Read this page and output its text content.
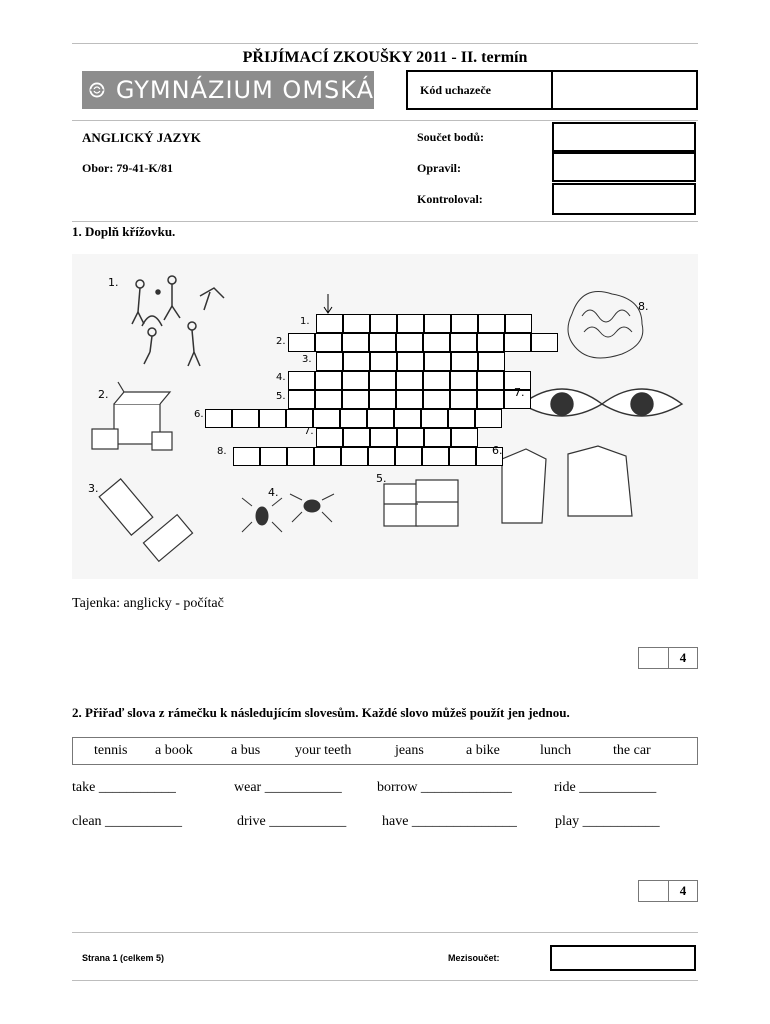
PŘIJÍMACÍ ZKOUŠKY 2011 - II. termín
GYMNÁZIUM OMSKÁ	Kód uchazeče
ANGLICKÝ JAZYK
Obor: 79-41-K/81
Součet bodů:
Opravil:
Kontroloval:
1. Doplň křížovku.
1.
2.
3.
4.
5.
6.
7.
8.
1.
2.
3.	4.
5.
6.
7.
8.
Tajenka: anglicky - počítač
4
2. Přiřaď slova z rámečku k následujícím slovesům. Každé slovo můžeš použít jen jednou.
tennis a book	a bus your teeth	jeans	a bike	lunch	the car
take ___________	wear ___________	borrow _____________	ride ___________
clean ___________	drive ___________	have _______________	play ___________
4
Strana 1 (celkem 5)	Mezisoučet:
